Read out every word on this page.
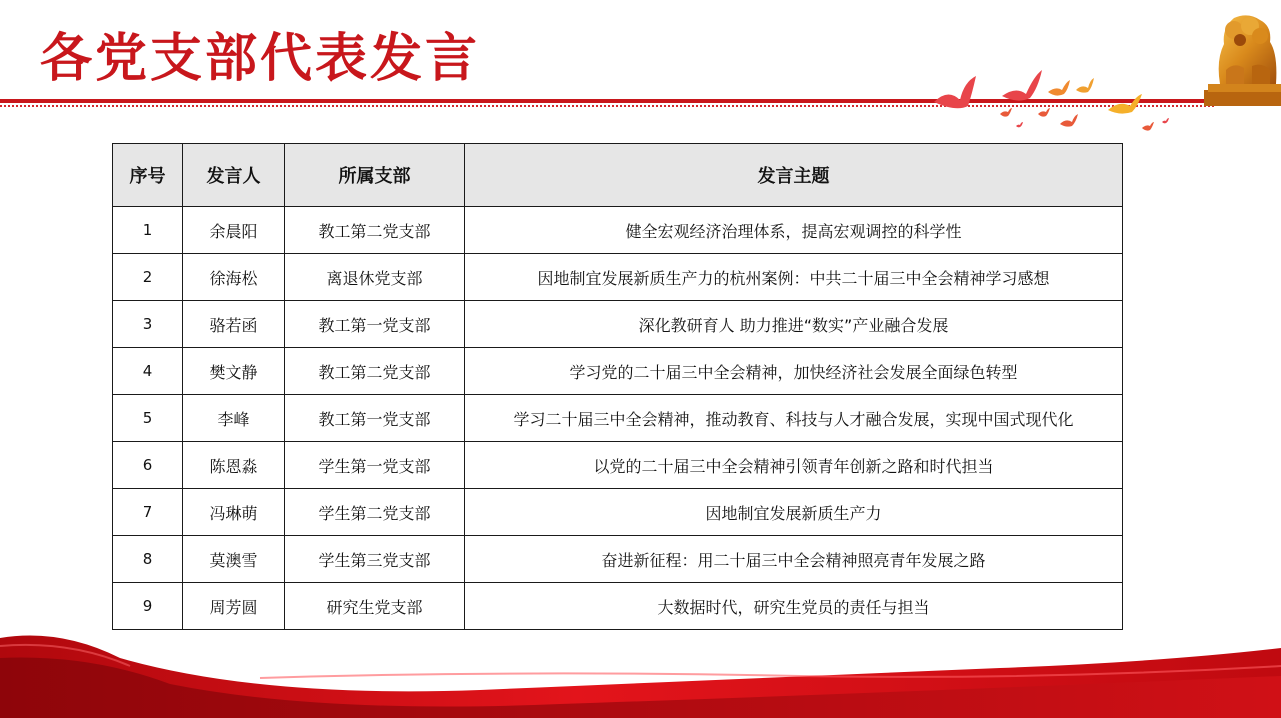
各党支部代表发言
序号	发言人	所属支部	发言主题
1	余晨阳	教工第二党支部	健全宏观经济治理体系，提高宏观调控的科学性
2	徐海松	离退休党支部	因地制宜发展新质生产力的杭州案例：中共二十届三中全会精神学习感想
3	骆若函	教工第一党支部	深化教研育人 助力推进“数实”产业融合发展
4	樊文静	教工第二党支部	学习党的二十届三中全会精神，加快经济社会发展全面绿色转型
5	李峰	教工第一党支部	学习二十届三中全会精神，推动教育、科技与人才融合发展，实现中国式现代化
6	陈恩淼	学生第一党支部	以党的二十届三中全会精神引领青年创新之路和时代担当
7	冯琳萌	学生第二党支部	因地制宜发展新质生产力
8	莫澳雪	学生第三党支部	奋进新征程：用二十届三中全会精神照亮青年发展之路
9	周芳圆	研究生党支部	大数据时代，研究生党员的责任与担当
